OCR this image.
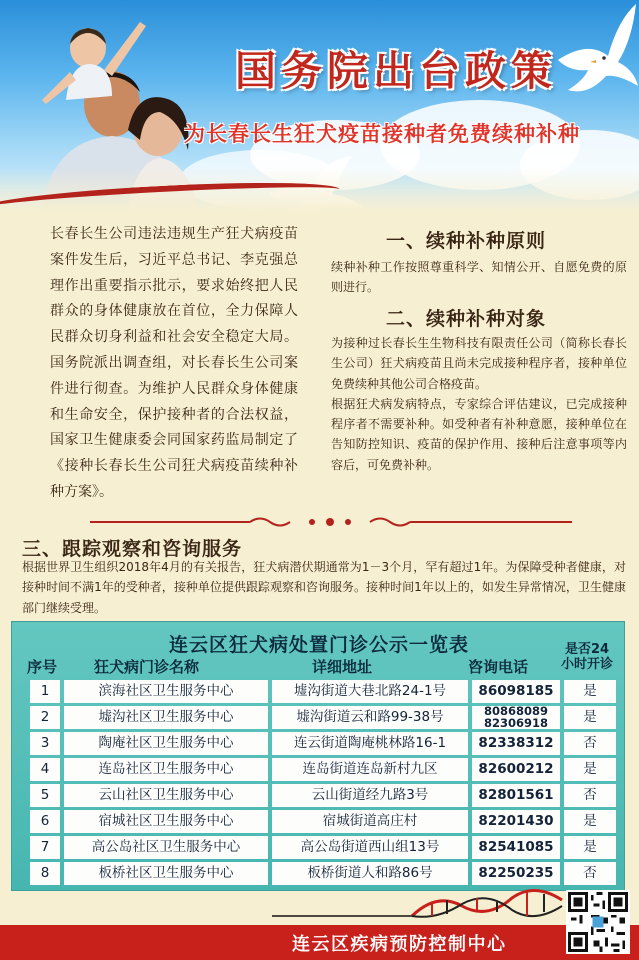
国务院出台政策
为长春长生狂犬疫苗接种者免费续种补种
长春长生公司违法违规生产狂犬病疫苗案件发生后，习近平总书记、李克强总理作出重要指示批示，要求始终把人民群众的身体健康放在首位，全力保障人民群众切身利益和社会安全稳定大局。国务院派出调查组，对长春长生公司案件进行彻查。为维护人民群众身体健康和生命安全，保护接种者的合法权益，国家卫生健康委会同国家药监局制定了《接种长春长生公司狂犬病疫苗续种补种方案》。
一、续种补种原则
续种补种工作按照尊重科学、知情公开、自愿免费的原则进行。
二、续种补种对象
为接种过长春长生生物科技有限责任公司（简称长春长生公司）狂犬病疫苗且尚未完成接种程序者，接种单位免费续种其他公司合格疫苗。
根据狂犬病发病特点，专家综合评估建议，已完成接种程序者不需要补种。如受种者有补种意愿，接种单位在告知防控知识、疫苗的保护作用、接种后注意事项等内容后，可免费补种。
三、跟踪观察和咨询服务
根据世界卫生组织2018年4月的有关报告，狂犬病潜伏期通常为1－3个月，罕有超过1年。为保障受种者健康，对接种时间不满1年的受种者，接种单位提供跟踪观察和咨询服务。接种时间1年以上的，如发生异常情况，卫生健康部门继续受理。
连云区狂犬病处置门诊公示一览表
序号 狂犬病门诊名称	详细地址	咨询电话
是否24
小时开诊
1	滨海社区卫生服务中心	墟沟街道大巷北路24-1号	86098185	是
2	墟沟社区卫生服务中心	墟沟街道云和路99-38号	80868089
82306918	是
3	陶庵社区卫生服务中心	连云街道陶庵桃林路16-1	82338312	否
4	连岛社区卫生服务中心	连岛街道连岛新村九区	82600212	是
5	云山社区卫生服务中心	云山街道经九路3号	82801561	否
6	宿城社区卫生服务中心	宿城街道高庄村	82201430	是
7	高公岛社区卫生服务中心	高公岛街道西山组13号	82541085	是
8	板桥社区卫生服务中心	板桥街道人和路86号	82250235	否
连云区疾病预防控制中心
